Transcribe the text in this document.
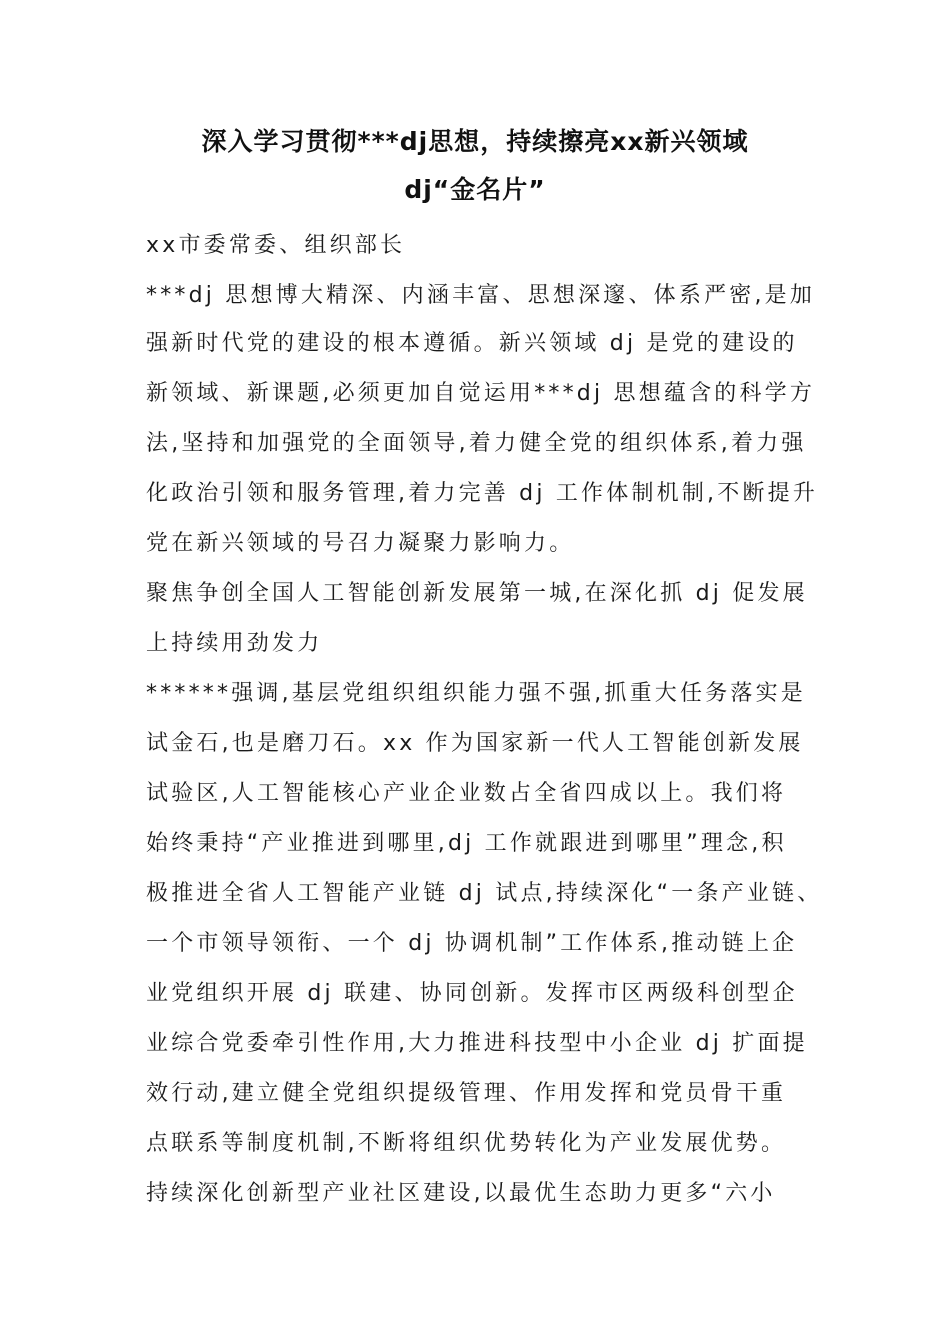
深入学习贯彻***dj思想，持续擦亮xx新兴领域
dj“金名片”
xx市委常委、组织部长
***dj 思想博大精深、内涵丰富、思想深邃、体系严密,是加
强新时代党的建设的根本遵循。新兴领域 dj 是党的建设的
新领域、新课题,必须更加自觉运用***dj 思想蕴含的科学方
法,坚持和加强党的全面领导,着力健全党的组织体系,着力强
化政治引领和服务管理,着力完善 dj 工作体制机制,不断提升
党在新兴领域的号召力凝聚力影响力。
聚焦争创全国人工智能创新发展第一城,在深化抓 dj 促发展
上持续用劲发力
******强调,基层党组织组织能力强不强,抓重大任务落实是
试金石,也是磨刀石。xx 作为国家新一代人工智能创新发展
试验区,人工智能核心产业企业数占全省四成以上。我们将
始终秉持“产业推进到哪里,dj 工作就跟进到哪里”理念,积
极推进全省人工智能产业链 dj 试点,持续深化“一条产业链、
一个市领导领衔、一个 dj 协调机制”工作体系,推动链上企
业党组织开展 dj 联建、协同创新。发挥市区两级科创型企
业综合党委牵引性作用,大力推进科技型中小企业 dj 扩面提
效行动,建立健全党组织提级管理、作用发挥和党员骨干重
点联系等制度机制,不断将组织优势转化为产业发展优势。
持续深化创新型产业社区建设,以最优生态助力更多“六小
